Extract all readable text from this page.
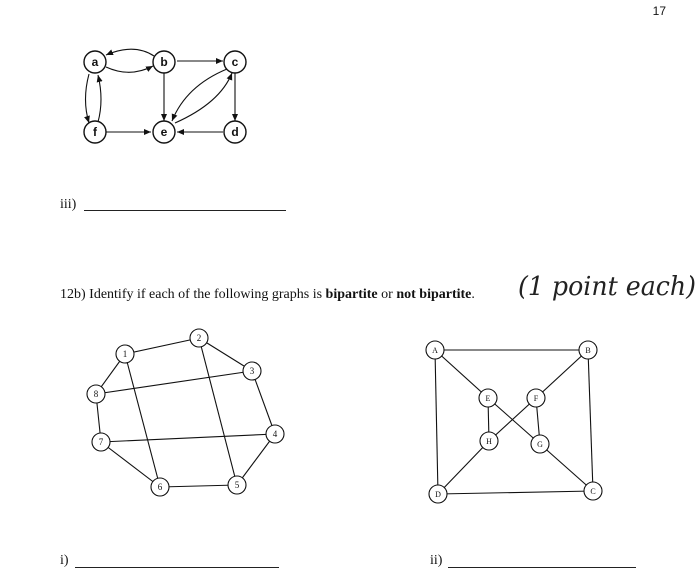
17
a	b	c
f	e	d
iii)
12b) Identify if each of the following graphs is bipartite or not bipartite. (1 point each)
1
2
3
4
5
6
7
8
A	B
C
D
E	F
G
H
i)	ii)
